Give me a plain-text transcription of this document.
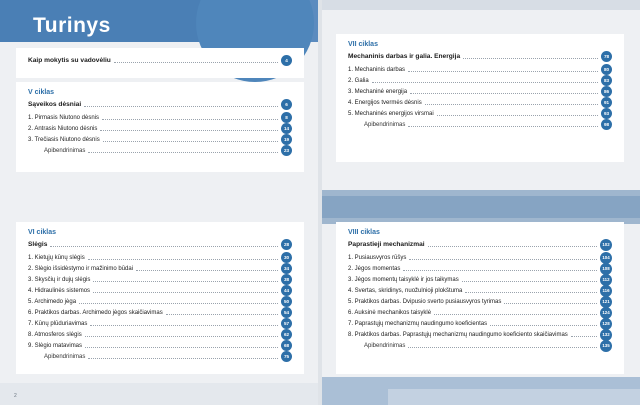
Turinys
Kaip mokytis su vadovėliu	4
V ciklas
Sąveikos dėsniai	6
1. Pirmasis Niutono dėsnis	8
2. Antrasis Niutono dėsnis	14
3. Trečiasis Niutono dėsnis	19
Apibendrinimas	23
VI ciklas
Slėgis	28
1. Kietųjų kūnų slėgis	30
2. Slėgio išsidėstymo ir mažinimo būdai	34
3. Skysčių ir dujų slėgis	38
4. Hidraulinės sistemos	44
5. Archimedo jėga	50
6. Praktikos darbas. Archimedo jėgos skaičiavimas	54
7. Kūnų plūduriavimas	57
8. Atmosferos slėgis	62
9. Slėgio matavimas	68
Apibendrinimas	75
VII ciklas
Mechaninis darbas ir galia. Energija	78
1. Mechaninis darbas	80
2. Galia	83
3. Mechaninė energija	86
4. Energijos tvermės dėsnis	91
5. Mechaninės energijos virsmai	93
Apibendrinimas	98
VIII ciklas
Paprastieji mechanizmai	102
1. Pusiausvyros rūšys	104
2. Jėgos momentas	108
3. Jėgos momentų taisyklė ir jos taikymas	112
4. Svertas, skridinys, nuožulnioji plokštuma	116
5. Praktikos darbas. Dvipusio sverto pusiausvyros tyrimas	121
6. Auksinė mechanikos taisyklė	124
7. Paprastųjų mechanizmų naudingumo koeficientas	128
8. Praktikos darbas. Paprastųjų mechanizmų naudingumo koeficiento skaičiavimas	132
Apibendrinimas	135
2
